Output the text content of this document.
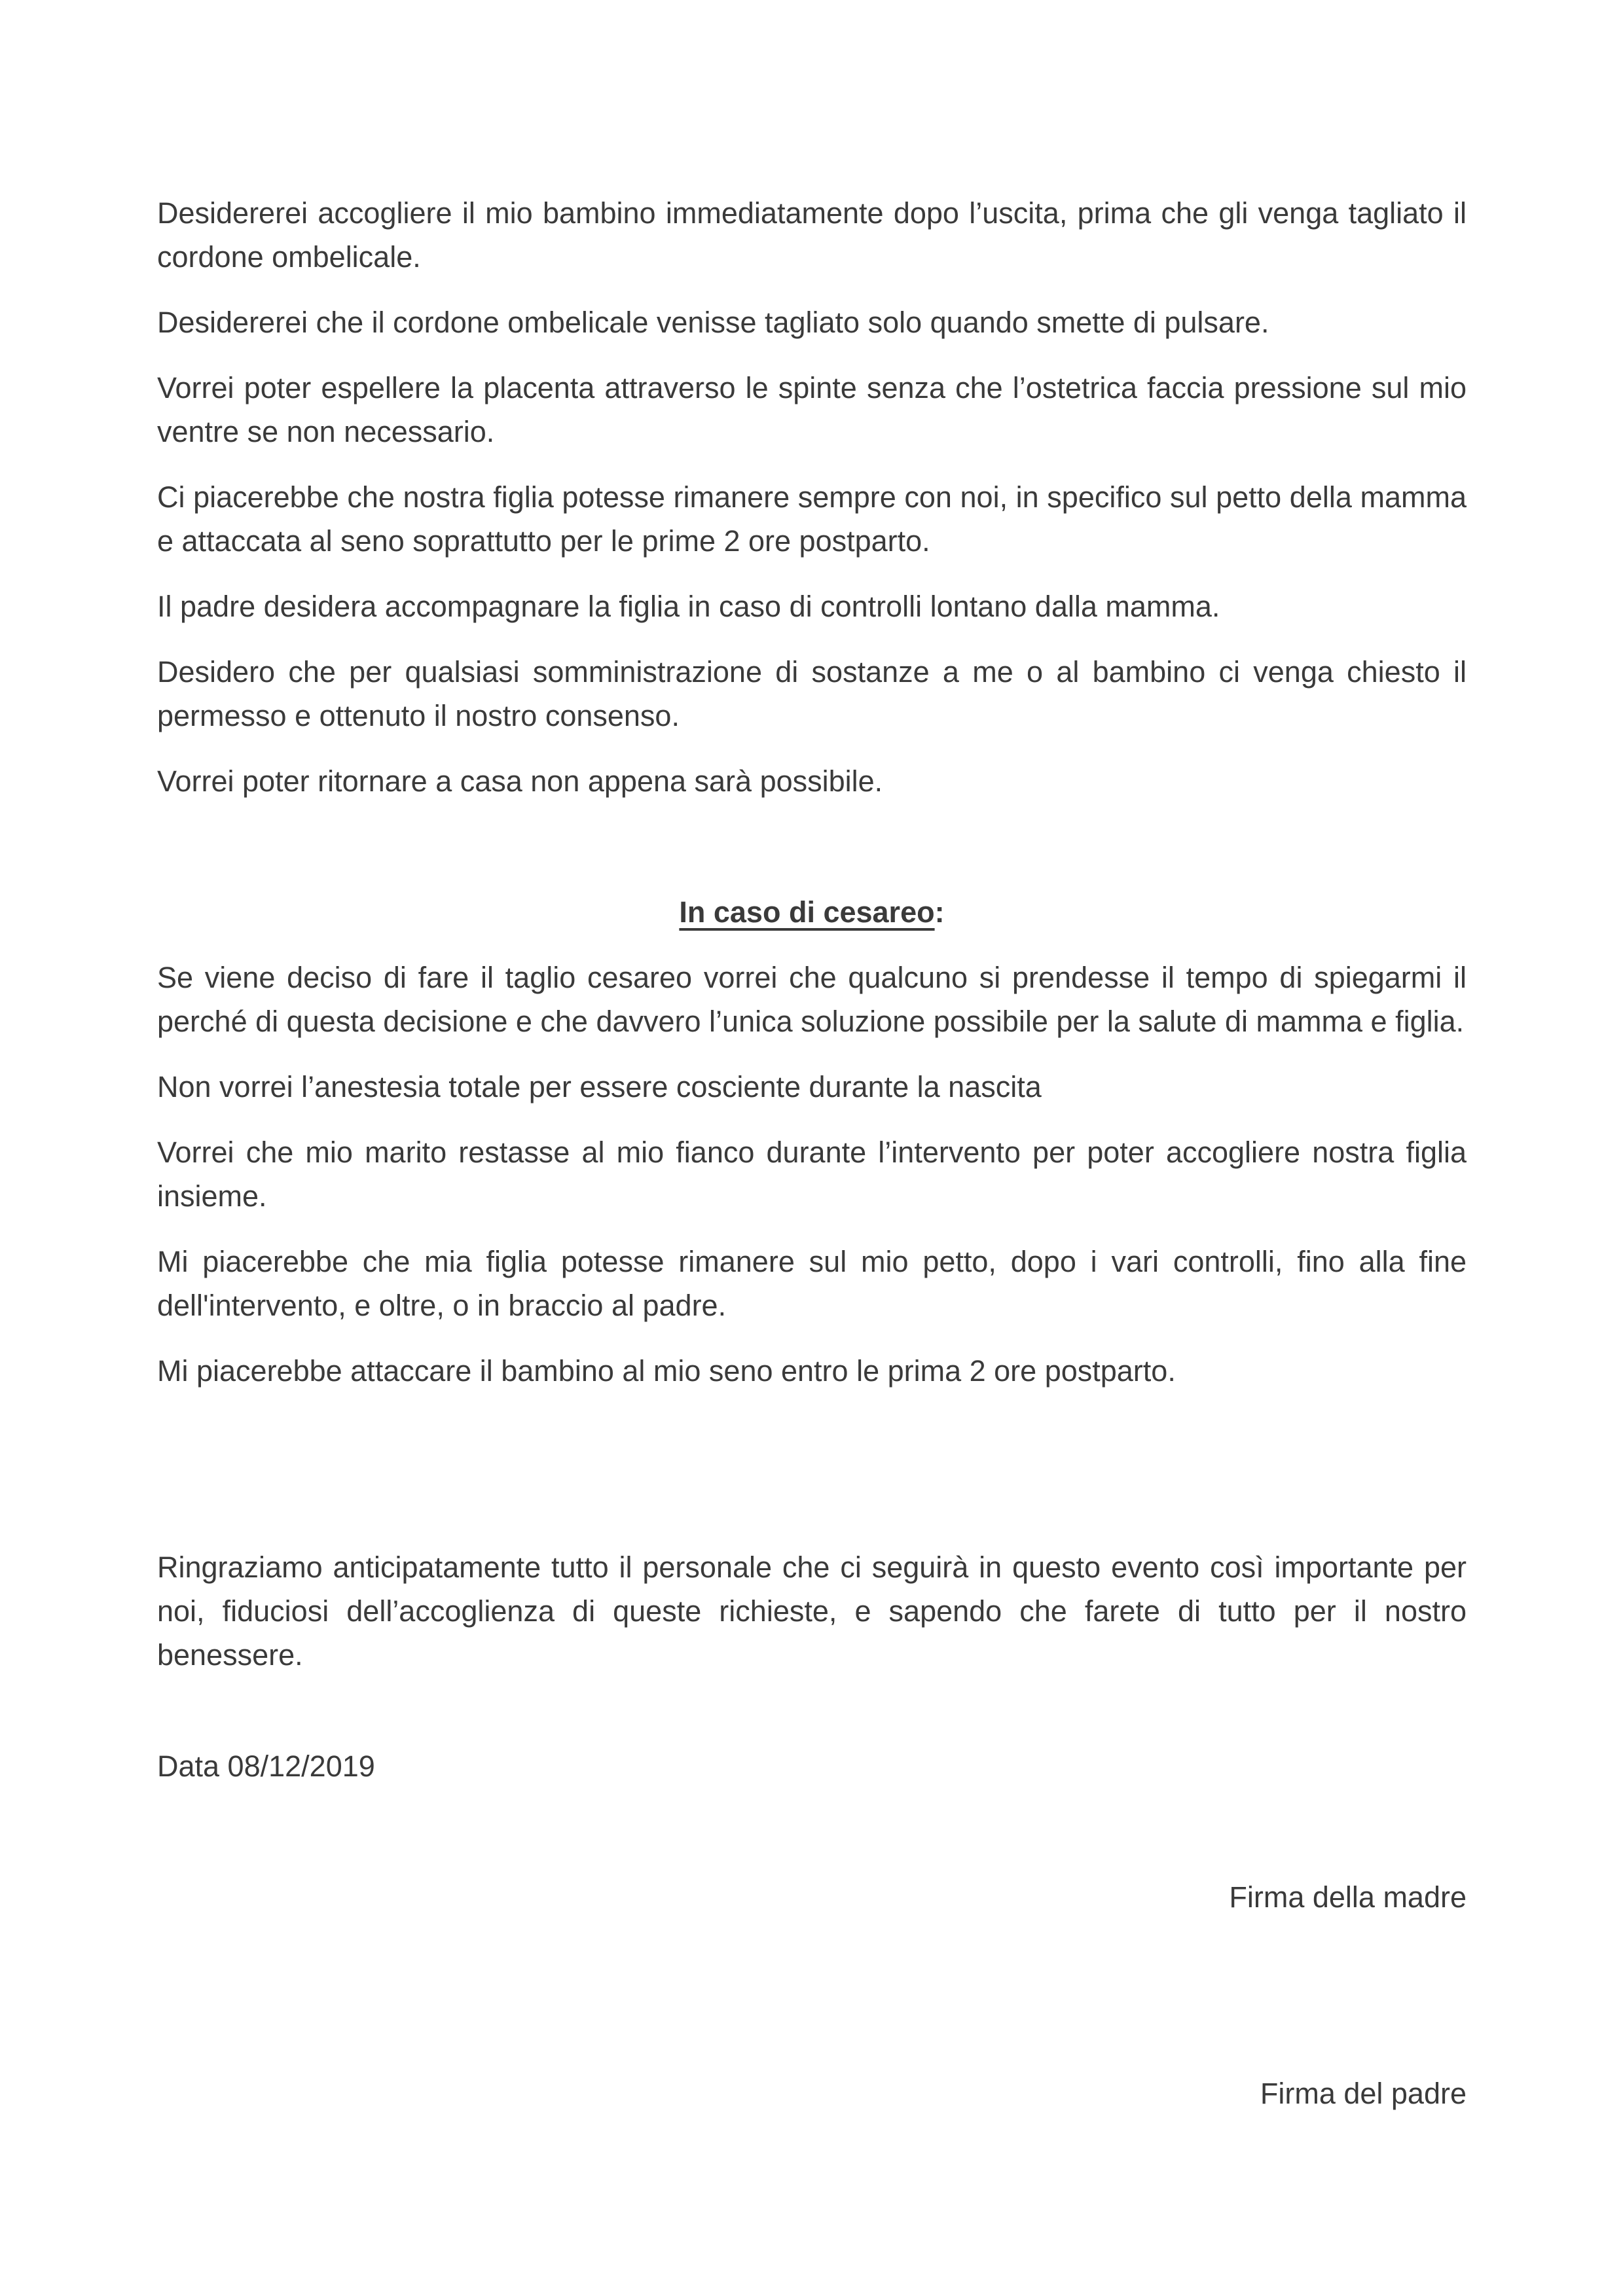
Desidererei accogliere il mio bambino immediatamente dopo l’uscita, prima che gli venga tagliato il
cordone ombelicale.

Desidererei che il cordone ombelicale venisse tagliato solo quando smette di pulsare.

Vorrei poter espellere la placenta attraverso le spinte senza che l’ostetrica faccia pressione sul mio
ventre se non necessario.

Ci piacerebbe che nostra figlia potesse rimanere sempre con noi, in specifico sul petto della mamma
e attaccata al seno soprattutto per le prime 2 ore postparto.

Il padre desidera accompagnare la figlia in caso di controlli lontano dalla mamma.

Desidero che per qualsiasi somministrazione di sostanze a me o al bambino ci venga chiesto il
permesso e ottenuto il nostro consenso.

Vorrei poter ritornare a casa non appena sarà possibile.

In caso di cesareo:

Se viene deciso di fare il taglio cesareo vorrei che qualcuno si prendesse il tempo di spiegarmi il
perché di questa decisione e che davvero l’unica soluzione possibile per la salute di mamma e figlia.

Non vorrei l’anestesia totale per essere cosciente durante la nascita

Vorrei che mio marito restasse al mio fianco durante l’intervento per poter accogliere nostra figlia
insieme.

Mi piacerebbe che mia figlia potesse rimanere sul mio petto, dopo i vari controlli, fino alla fine
dell'intervento, e oltre, o in braccio al padre.

Mi piacerebbe attaccare il bambino al mio seno entro le prima 2 ore postparto.

Ringraziamo anticipatamente tutto il personale che ci seguirà in questo evento così importante per
noi, fiduciosi dell’accoglienza di queste richieste, e sapendo che farete di tutto per il nostro
benessere.

Data 08/12/2019

Firma della madre

Firma del padre
